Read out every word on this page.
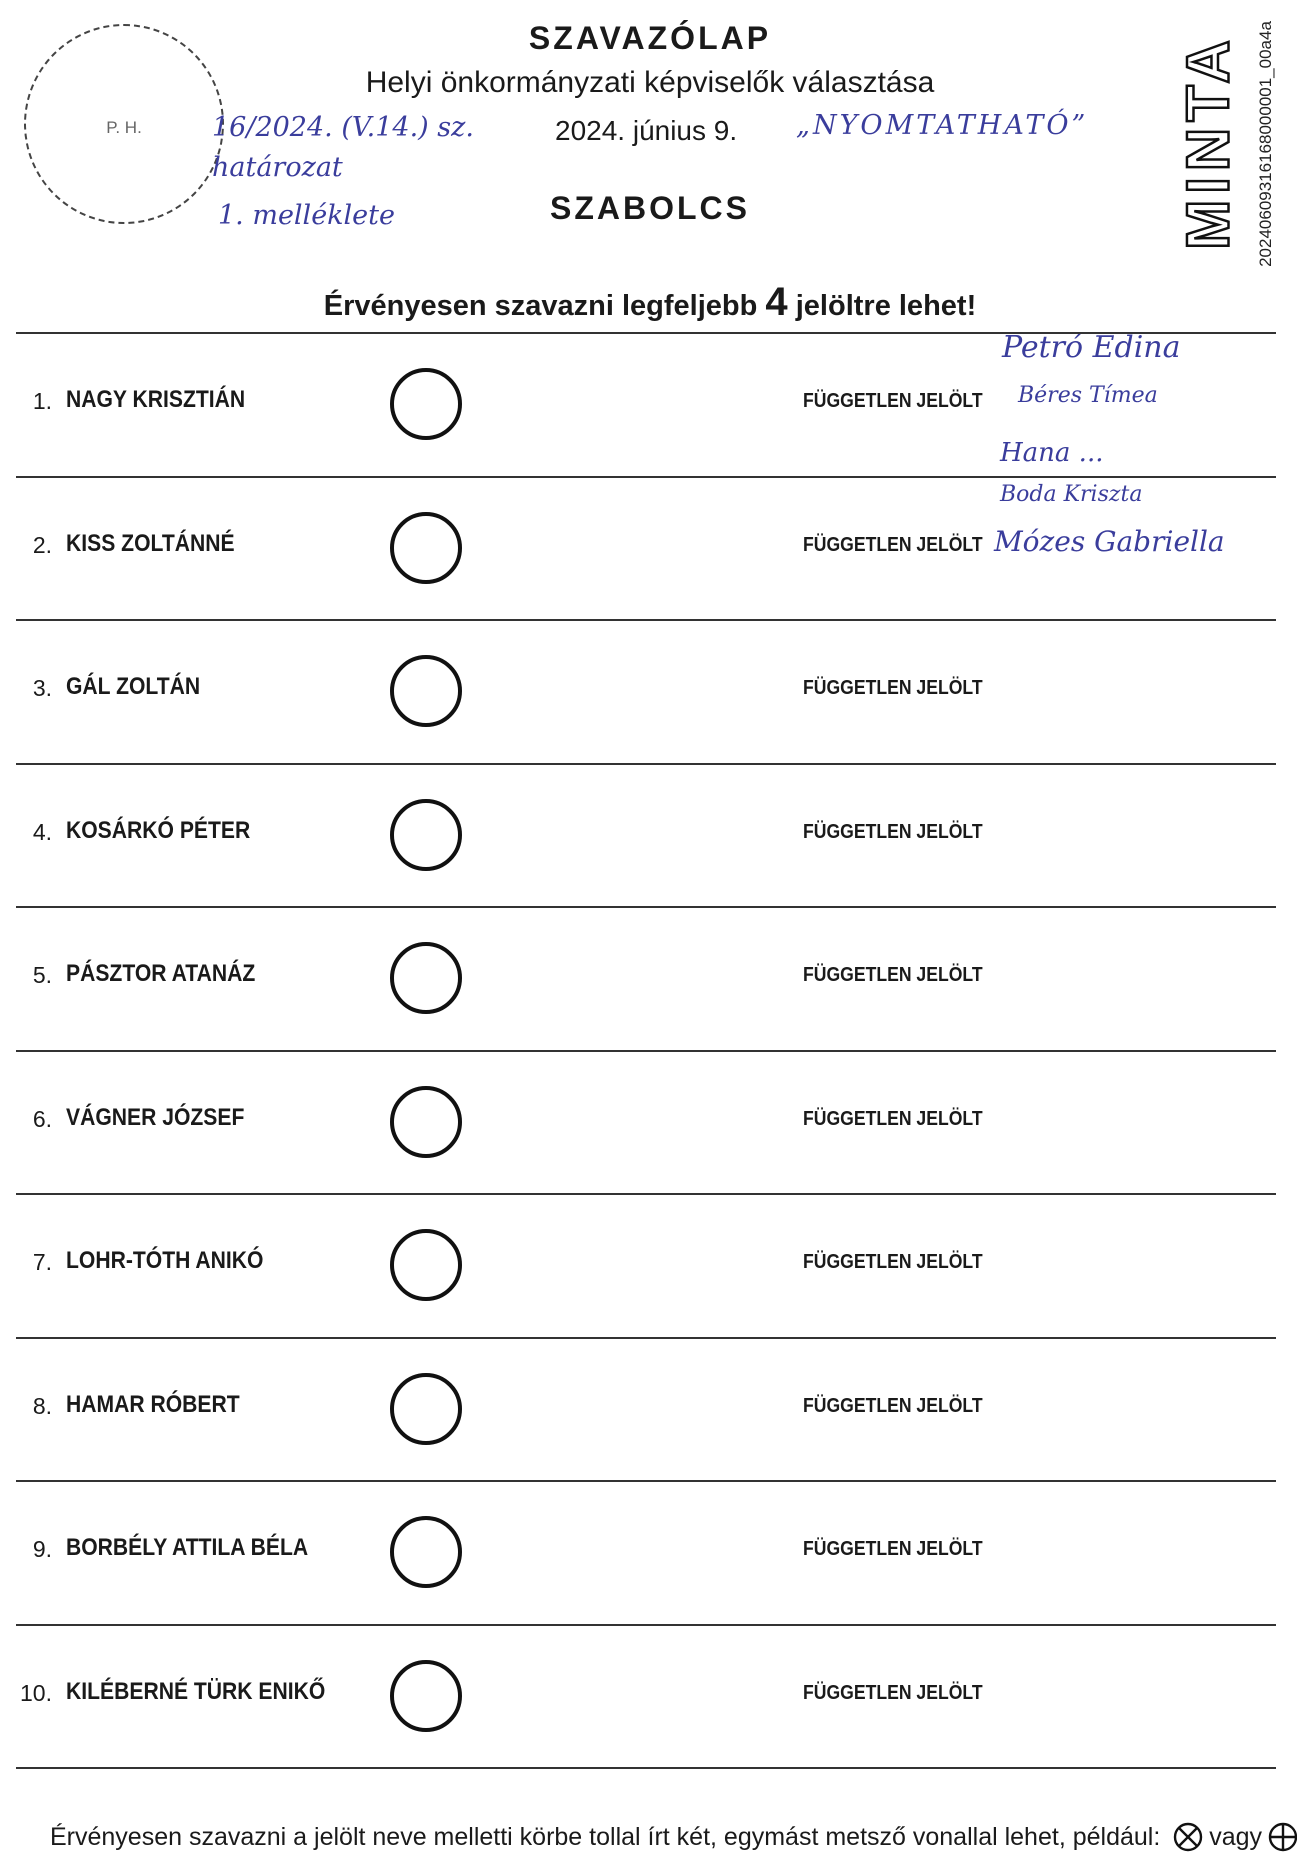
P. H.
SZAVAZÓLAP
Helyi önkormányzati képviselők választása
2024. június 9.
SZABOLCS
16/2024. (V.14.) sz.
határozat
1. melléklete
„NYOMTATHATÓ”
Petró Edina
Béres Tímea
Hana ...
Boda Kriszta
Mózes Gabriella
MINTA 20240609316168000001_00a4a
Érvényesen szavazni legfeljebb 4 jelöltre lehet!
1. NAGY KRISZTIÁN	FÜGGETLEN JELÖLT
2. KISS ZOLTÁNNÉ	FÜGGETLEN JELÖLT
3. GÁL ZOLTÁN	FÜGGETLEN JELÖLT
4. KOSÁRKÓ PÉTER	FÜGGETLEN JELÖLT
5. PÁSZTOR ATANÁZ	FÜGGETLEN JELÖLT
6. VÁGNER JÓZSEF	FÜGGETLEN JELÖLT
7. LOHR-TÓTH ANIKÓ	FÜGGETLEN JELÖLT
8. HAMAR RÓBERT	FÜGGETLEN JELÖLT
9. BORBÉLY ATTILA BÉLA	FÜGGETLEN JELÖLT
10. KILÉBERNÉ TÜRK ENIKŐ	FÜGGETLEN JELÖLT
Érvényesen szavazni a jelölt neve melletti körbe tollal írt két, egymást metsző vonallal lehet, például: vagy
